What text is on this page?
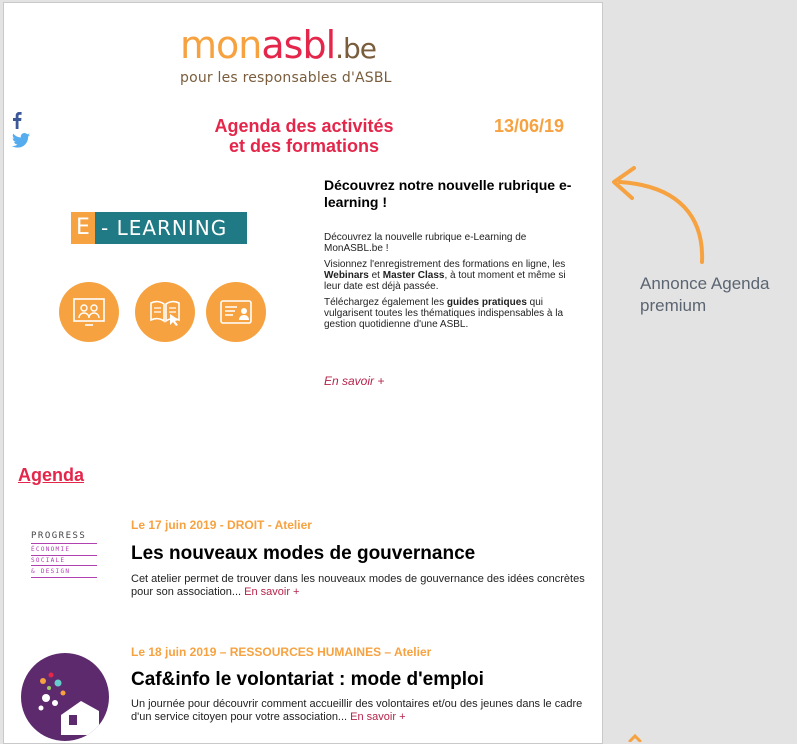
monasbl.be
pour les responsables d'ASBL
Agenda des activités
et des formations
13/06/19
E - LEARNING
Découvrez notre nouvelle rubrique e-learning !

Découvrez la nouvelle rubrique e-Learning de MonASBL.be !

Visionnez l'enregistrement des formations en ligne, les Webinars et Master Class, à tout moment et même si leur date est déjà passée.

Téléchargez également les guides pratiques qui vulgarisent toutes les thématiques indispensables à la gestion quotidienne d'une ASBL.

En savoir +
Agenda
PROGRESS
ÉCONOMIE
SOCIALE
& DESIGN
Le 17 juin 2019 - DROIT - Atelier
Les nouveaux modes de gouvernance
Cet atelier permet de trouver dans les nouveaux modes de gouvernance des idées concrètes pour son association... En savoir +
Le 18 juin 2019 – RESSOURCES HUMAINES – Atelier
Caf&info le volontariat : mode d'emploi
Un journée pour découvrir comment accueillir des volontaires et/ou des jeunes dans le cadre d'un service citoyen pour votre association... En savoir +
Annonce Agenda
premium
